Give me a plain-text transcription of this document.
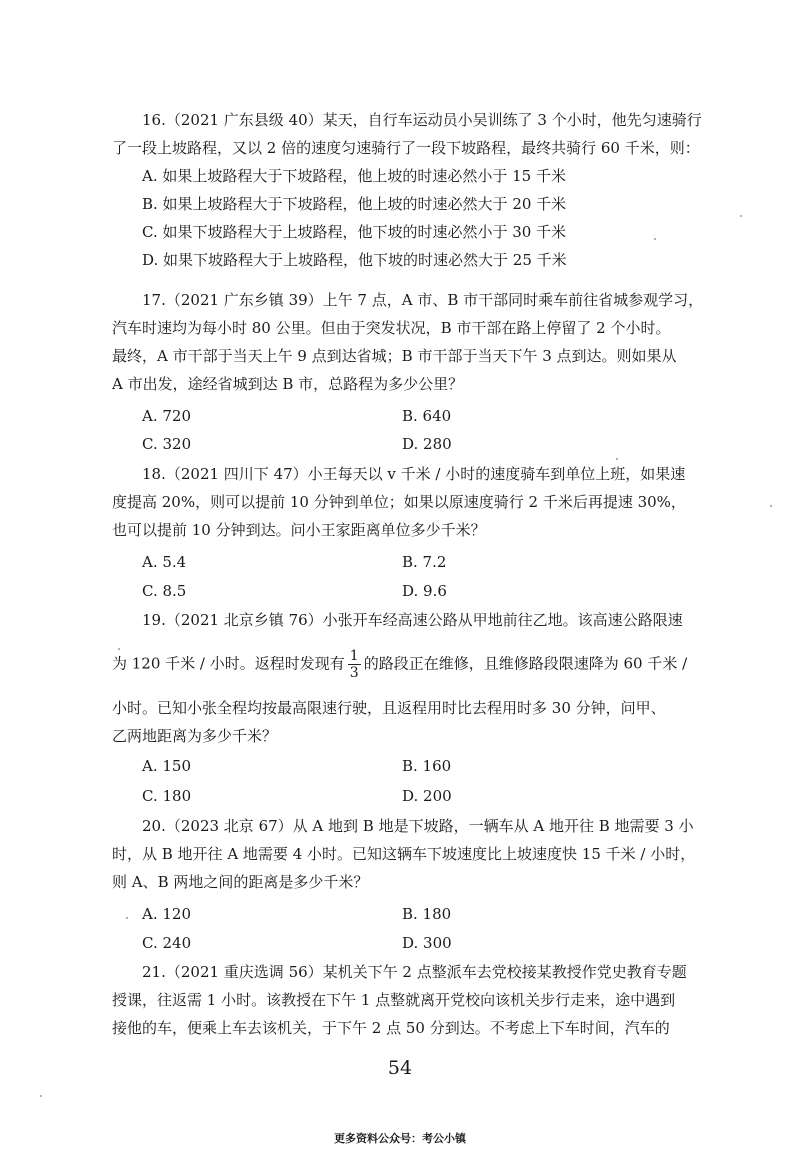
16.（2021 广东县级 40）某天，自行车运动员小吴训练了 3 个小时，他先匀速骑行
了一段上坡路程，又以 2 倍的速度匀速骑行了一段下坡路程，最终共骑行 60 千米，则：
A. 如果上坡路程大于下坡路程，他上坡的时速必然小于 15 千米
B. 如果上坡路程大于下坡路程，他上坡的时速必然大于 20 千米
C. 如果下坡路程大于上坡路程，他下坡的时速必然小于 30 千米
D. 如果下坡路程大于上坡路程，他下坡的时速必然大于 25 千米
17.（2021 广东乡镇 39）上午 7 点，A 市、B 市干部同时乘车前往省城参观学习，
汽车时速均为每小时 80 公里。但由于突发状况，B 市干部在路上停留了 2 个小时。
最终，A 市干部于当天上午 9 点到达省城；B 市干部于当天下午 3 点到达。则如果从
A 市出发，途经省城到达 B 市，总路程为多少公里？
A. 720	B. 640
C. 320	D. 280
18.（2021 四川下 47）小王每天以 v 千米 / 小时的速度骑车到单位上班，如果速
度提高 20%，则可以提前 10 分钟到单位；如果以原速度骑行 2 千米后再提速 30%，
也可以提前 10 分钟到达。问小王家距离单位多少千米？
A. 5.4	B. 7.2
C. 8.5	D. 9.6
19.（2021 北京乡镇 76）小张开车经高速公路从甲地前往乙地。该高速公路限速
为 120 千米 / 小时。返程时发现有 $\frac{1}{3}$ 的路段正在维修，且维修路段限速降为 60 千米 /
小时。已知小张全程均按最高限速行驶，且返程用时比去程用时多 30 分钟，问甲、
乙两地距离为多少千米？
A. 150	B. 160
C. 180	D. 200
20.（2023 北京 67）从 A 地到 B 地是下坡路，一辆车从 A 地开往 B 地需要 3 小
时，从 B 地开往 A 地需要 4 小时。已知这辆车下坡速度比上坡速度快 15 千米 / 小时，
则 A、B 两地之间的距离是多少千米？
A. 120	B. 180
C. 240	D. 300
21.（2021 重庆选调 56）某机关下午 2 点整派车去党校接某教授作党史教育专题
授课，往返需 1 小时。该教授在下午 1 点整就离开党校向该机关步行走来，途中遇到
接他的车，便乘上车去该机关，于下午 2 点 50 分到达。不考虑上下车时间，汽车的
54
更多资料公众号：考公小镇
